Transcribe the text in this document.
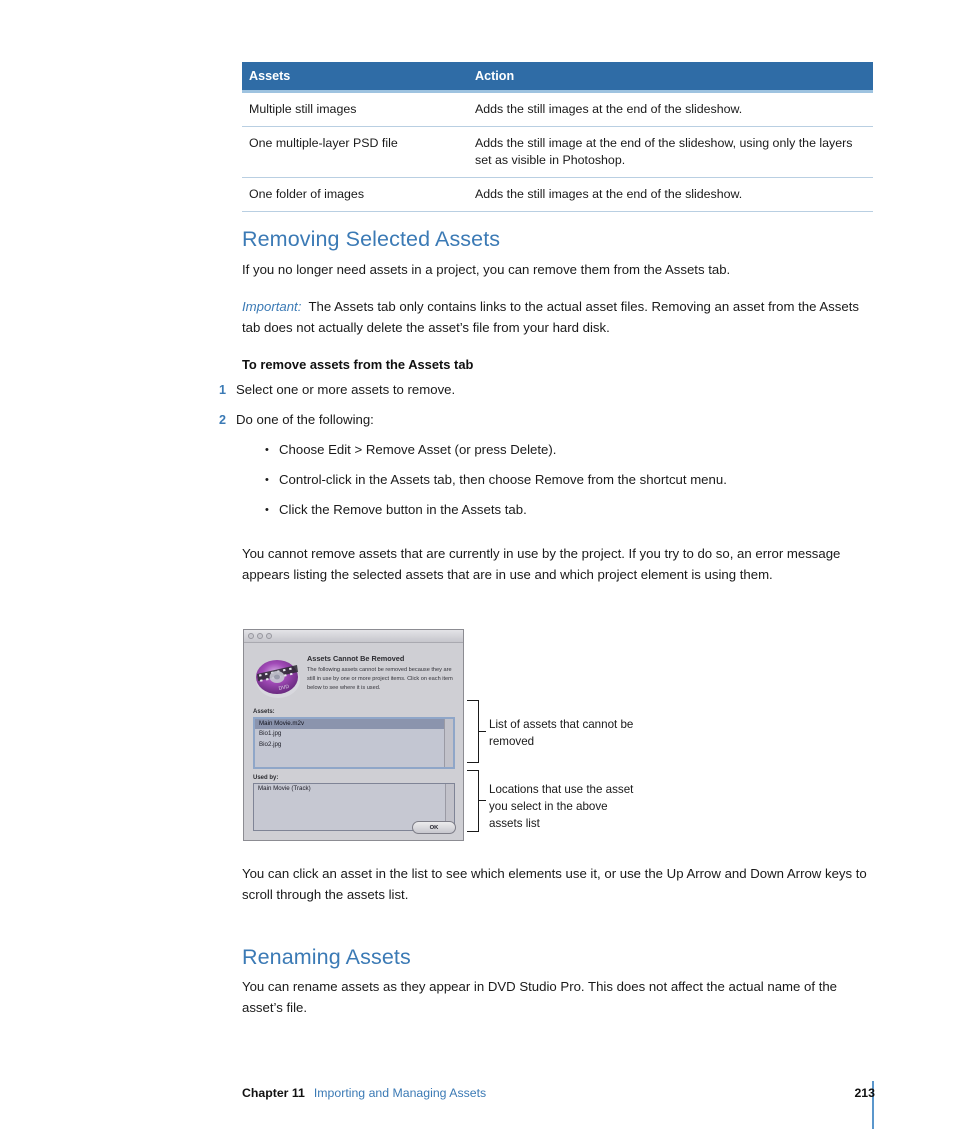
Assets	Action
Multiple still images	Adds the still images at the end of the slideshow.
One multiple-layer PSD file	Adds the still image at the end of the slideshow, using only the layers set as visible in Photoshop.
One folder of images	Adds the still images at the end of the slideshow.
Removing Selected Assets
If you no longer need assets in a project, you can remove them from the Assets tab.
Important: The Assets tab only contains links to the actual asset files. Removing an asset from the Assets tab does not actually delete the asset’s file from your hard disk.
To remove assets from the Assets tab
1 Select one or more assets to remove.
2 Do one of the following:
• Choose Edit > Remove Asset (or press Delete).
• Control-click in the Assets tab, then choose Remove from the shortcut menu.
• Click the Remove button in the Assets tab.
You cannot remove assets that are currently in use by the project. If you try to do so, an error message appears listing the selected assets that are in use and which project element is using them.
DVD
Assets Cannot Be Removed
The following assets cannot be removed because they are still in use by one or more project items. Click on each item below to see where it is used.
Assets:
Main Movie.m2v
Bio1.jpg
Bio2.jpg
Used by:
Main Movie (Track)
OK
List of assets that cannot be removed
Locations that use the asset you select in the above assets list
You can click an asset in the list to see which elements use it, or use the Up Arrow and Down Arrow keys to scroll through the assets list.
Renaming Assets
You can rename assets as they appear in DVD Studio Pro. This does not affect the actual name of the asset’s file.
Chapter 11 Importing and Managing Assets	213
